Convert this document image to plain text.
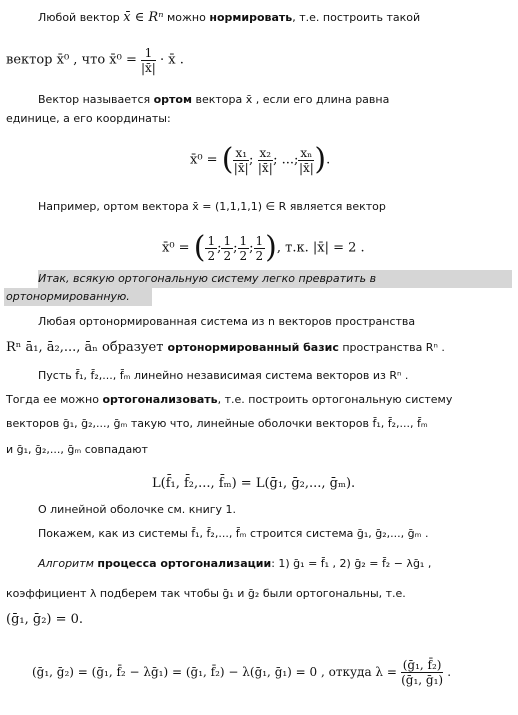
Любой вектор x̄ ∈ Rⁿ можно нормировать, т.е. построить такой
вектор x̄⁰ , что x̄⁰ = $\frac{1}{|x̄|}$ · x̄ .
Вектор называется ортом вектора x̄ , если его длина равна
единице, а его координаты:
x̄⁰ = ( $\frac{\text{x₁}}{|x̄|}$ ; $\frac{\text{x₂}}{|x̄|}$ ; ...; $\frac{\text{xₙ}}{|x̄|}$ ).
Например, ортом вектора x̄ = (1,1,1,1) ∈ R является вектор
x̄⁰ = ( $\frac{1}{2}$ ; $\frac{1}{2}$ ; $\frac{1}{2}$ ; $\frac{1}{2}$ ), т.к. |x̄| = 2 .
Итак, всякую ортогональную систему легко превратить в
ортонормированную.
Любая ортонормированная система из n векторов пространства
Rⁿ ā₁, ā₂,..., āₙ образует ортонормированный базис пространства Rⁿ .
Пусть f̄₁, f̄₂,..., f̄ₘ линейно независимая система векторов из Rⁿ .
Тогда ее можно ортогонализовать, т.е. построить ортогональную систему
векторов ḡ₁, ḡ₂,..., ḡₘ такую что, линейные оболочки векторов f̄₁, f̄₂,..., f̄ₘ
и ḡ₁, ḡ₂,..., ḡₘ совпадают
L(f̄₁, f̄₂,..., f̄ₘ) = L(ḡ₁, ḡ₂,..., ḡₘ).
О линейной оболочке см. книгу 1.
Покажем, как из системы f̄₁, f̄₂,..., f̄ₘ строится система ḡ₁, ḡ₂,..., ḡₘ .
Алгоритм процесса ортогонализации: 1) ḡ₁ = f̄₁ , 2) ḡ₂ = f̄₂ − λḡ₁ ,
коэффициент λ подберем так чтобы ḡ₁ и ḡ₂ были ортогональны, т.е.
(ḡ₁, ḡ₂) = 0.
(ḡ₁, ḡ₂) = (ḡ₁, f̄₂ − λḡ₁) = (ḡ₁, f̄₂) − λ(ḡ₁, ḡ₁) = 0 , откуда $\lambda = \frac{\text{(ḡ₁, f̄₂)}}{\text{(ḡ₁, ḡ₁)}}$ .
